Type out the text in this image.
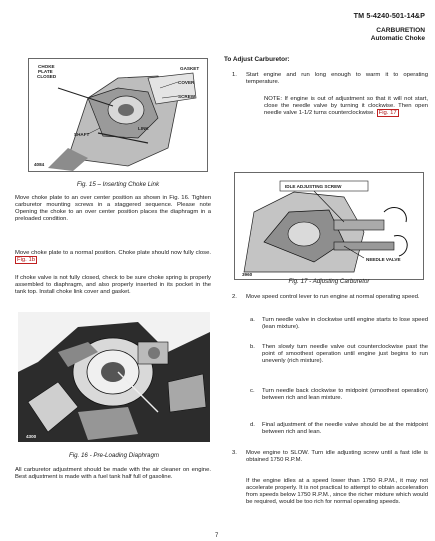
TM 5-4240-501-14&P
CARBURETION
Automatic Choke
CHOKE PLATE CLOSED
GASKET
COVER
SCREW
SHAFT
LINK
4084
Fig. 15 – Inserting Choke Link
Move choke plate to an over center position as shown in Fig. 16. Tighten carburetor mounting screws in a staggered sequence. Please note Opening the choke to an over center position places the diaphragm in a preloaded condition.
Move choke plate to a normal position. Choke plate should now fully close. Fig. 1b
If choke valve is not fully closed, check to be sure choke spring is properly assembled to diaphragm, and also properly inserted in its pocket in the tank top. Install choke link cover and gasket.
4300
Fig. 16 - Pre-Loading Diaphragm
All carburetor adjustment should be made with the air cleaner on engine. Best adjustment is made with a fuel tank half full of gasoline.
To Adjust Carburetor:
1. Start engine and run long enough to warm it to operating temperature.
NOTE: If engine is out of adjustment so that it will not start, close the needle valve by turning it clockwise. Then open needle valve 1-1/2 turns counterclockwise. Fig. 17
IDLE ADJUSTING SCREW
NEEDLE VALVE
3960
Fig. 17 - Adjusting Carburetor
2. Move speed control lever to run engine at normal operating speed.
a. Turn needle valve in clockwise until engine starts to lose speed (lean mixture).
b. Then slowly turn needle valve out counterclockwise past the point of smoothest operation until engine just begins to run unevenly (rich mixture).
c. Turn needle back clockwise to midpoint (smoothest operation) between rich and lean mixture.
d. Final adjustment of the needle valve should be at the midpoint between rich and lean.
3. Move engine to SLOW. Turn idle adjusting screw until a fast idle is obtained 1750 R.P.M.
If the engine idles at a speed lower than 1750 R.P.M., it may not accelerate properly. It is not practical to attempt to obtain acceleration from speeds below 1750 R.P.M., since the richer mixture which would be required, would be too rich for normal operating speeds.
7
